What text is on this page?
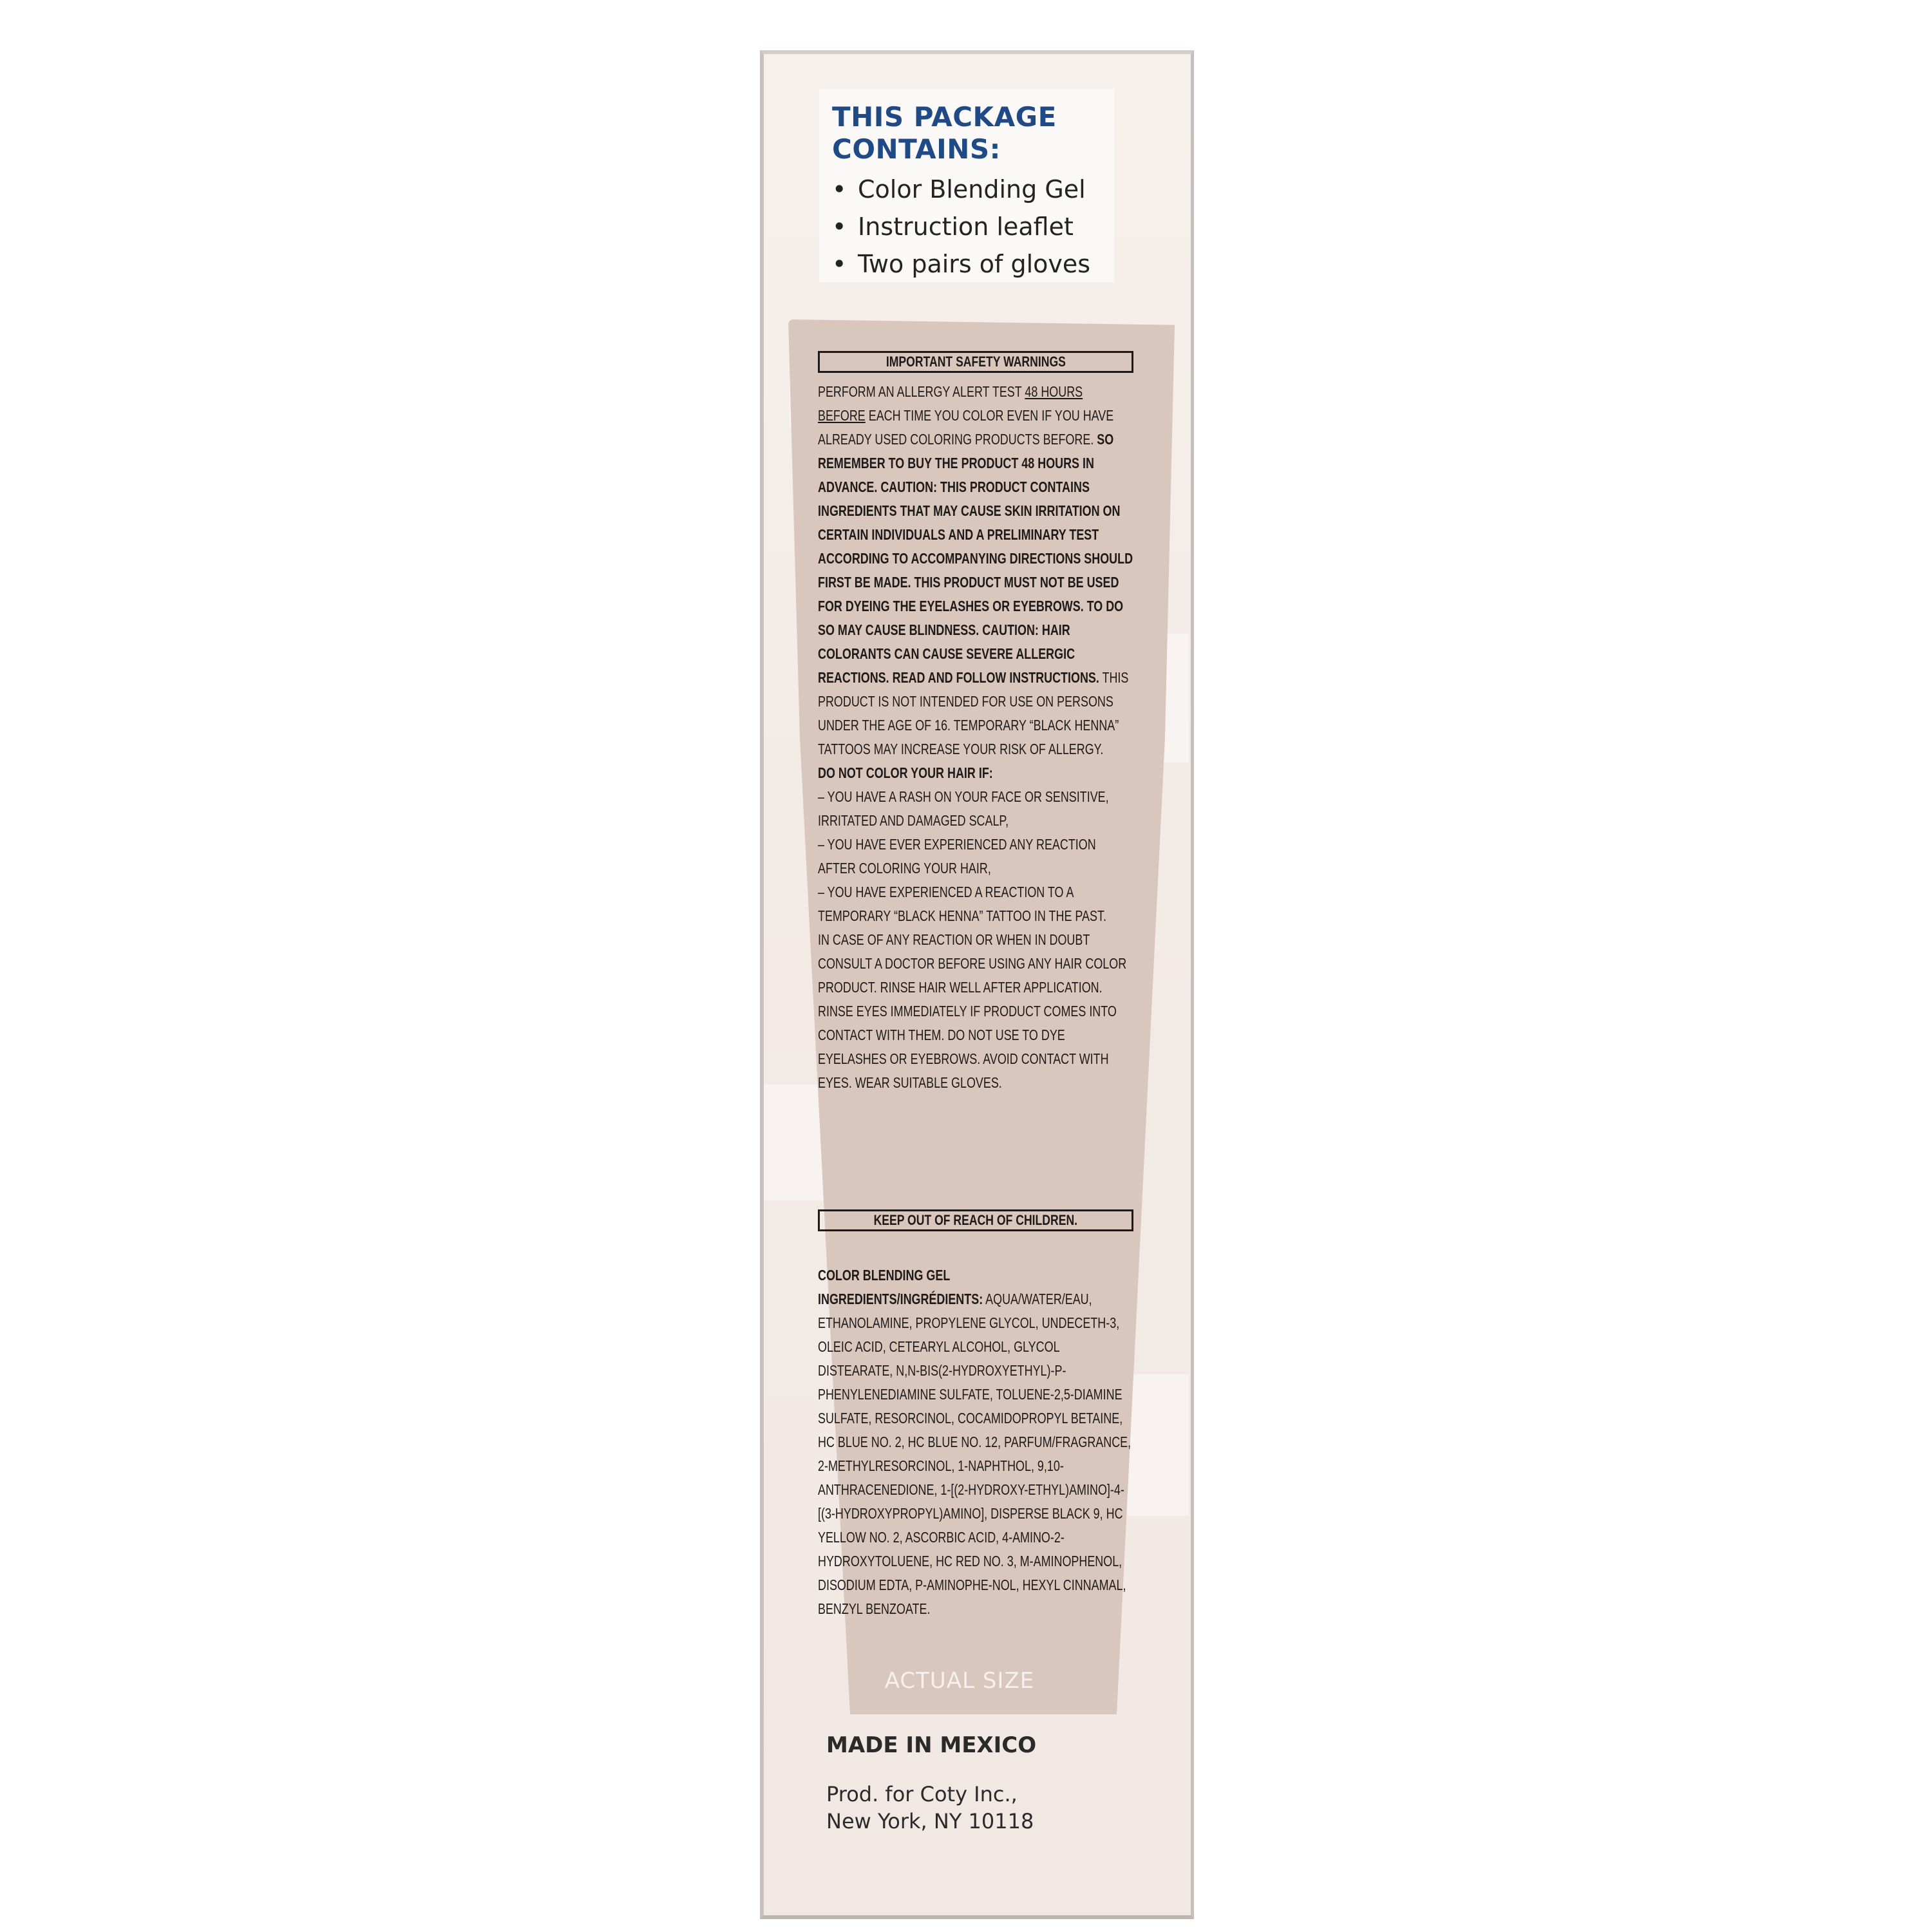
THIS PACKAGE CONTAINS:
• Color Blending Gel
• Instruction leaflet
• Two pairs of gloves
IMPORTANT SAFETY WARNINGS
PERFORM AN ALLERGY ALERT TEST 48 HOURS BEFORE EACH TIME YOU COLOR EVEN IF YOU HAVE ALREADY USED COLORING PRODUCTS BEFORE. SO REMEMBER TO BUY THE PRODUCT 48 HOURS IN ADVANCE. CAUTION: THIS PRODUCT CONTAINS INGREDIENTS THAT MAY CAUSE SKIN IRRITATION ON CERTAIN INDIVIDUALS AND A PRELIMINARY TEST ACCORDING TO ACCOMPANYING DIRECTIONS SHOULD FIRST BE MADE. THIS PRODUCT MUST NOT BE USED FOR DYEING THE EYELASHES OR EYEBROWS. TO DO SO MAY CAUSE BLINDNESS. CAUTION: HAIR COLORANTS CAN CAUSE SEVERE ALLERGIC REACTIONS. READ AND FOLLOW INSTRUCTIONS. THIS PRODUCT IS NOT INTENDED FOR USE ON PERSONS UNDER THE AGE OF 16. TEMPORARY “BLACK HENNA” TATTOOS MAY INCREASE YOUR RISK OF ALLERGY.
DO NOT COLOR YOUR HAIR IF:
– YOU HAVE A RASH ON YOUR FACE OR SENSITIVE, IRRITATED AND DAMAGED SCALP,
– YOU HAVE EVER EXPERIENCED ANY REACTION AFTER COLORING YOUR HAIR,
– YOU HAVE EXPERIENCED A REACTION TO A TEMPORARY “BLACK HENNA” TATTOO IN THE PAST.
IN CASE OF ANY REACTION OR WHEN IN DOUBT CONSULT A DOCTOR BEFORE USING ANY HAIR COLOR PRODUCT. RINSE HAIR WELL AFTER APPLICATION. RINSE EYES IMMEDIATELY IF PRODUCT COMES INTO CONTACT WITH THEM. DO NOT USE TO DYE EYELASHES OR EYEBROWS. AVOID CONTACT WITH EYES. WEAR SUITABLE GLOVES.
KEEP OUT OF REACH OF CHILDREN.
COLOR BLENDING GEL
INGREDIENTS/INGRÉDIENTS: AQUA/WATER/EAU, ETHANOLAMINE, PROPYLENE GLYCOL, UNDECETH-3, OLEIC ACID, CETEARYL ALCOHOL, GLYCOL DISTEARATE, N,N-BIS(2-HYDROXYETHYL)-P-PHENYLENEDIAMINE SULFATE, TOLUENE-2,5-DIAMINE SULFATE, RESORCINOL, COCAMIDOPROPYL BETAINE, HC BLUE NO. 2, HC BLUE NO. 12, PARFUM/FRAGRANCE, 2-METHYLRESORCINOL, 1-NAPHTHOL, 9,10-ANTHRACENEDIONE, 1-[(2-HYDROXY-ETHYL)AMINO]-4-[(3-HYDROXYPROPYL)AMINO], DISPERSE BLACK 9, HC YELLOW NO. 2, ASCORBIC ACID, 4-AMINO-2-HYDROXYTOLUENE, HC RED NO. 3, M-AMINOPHENOL, DISODIUM EDTA, P-AMINOPHE-NOL, HEXYL CINNAMAL, BENZYL BENZOATE.
ACTUAL SIZE
MADE IN MEXICO
Prod. for Coty Inc.,
New York, NY 10118
